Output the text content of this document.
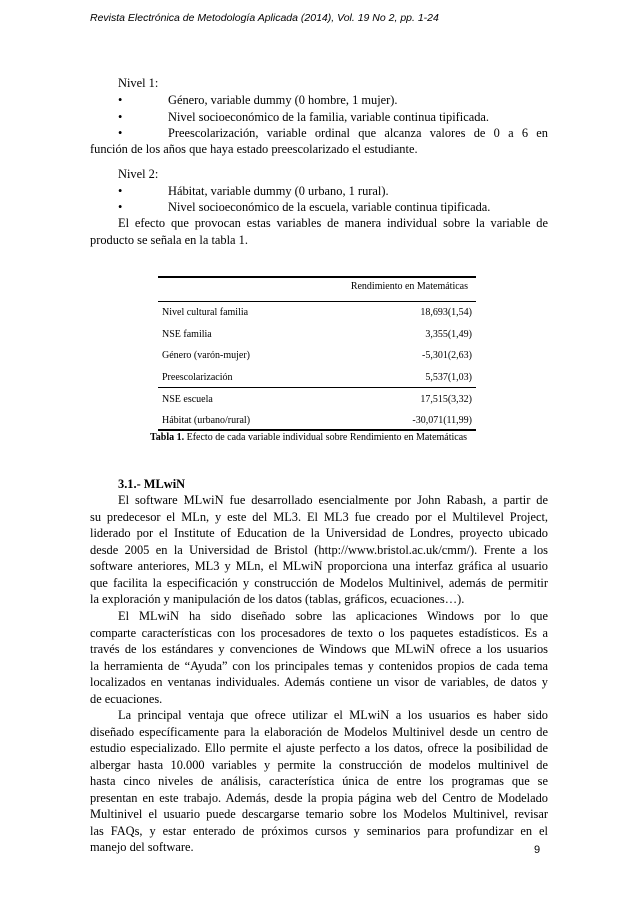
Revista Electrónica de Metodología Aplicada (2014), Vol. 19 No 2, pp. 1-24
Nivel 1:
•	Género, variable dummy (0 hombre, 1 mujer).
•	Nivel socioeconómico de la familia, variable continua tipificada.
•	Preescolarización, variable ordinal que alcanza valores de 0 a 6 en
función de los años que haya estado preescolarizado el estudiante.
Nivel 2:
•	Hábitat, variable dummy (0 urbano, 1 rural).
•	Nivel socioeconómico de la escuela, variable continua tipificada.
El efecto que provocan estas variables de manera individual sobre la variable de
producto se señala en la tabla 1.
Rendimiento en Matemáticas
Nivel cultural familia	18,693(1,54)
NSE familia	3,355(1,49)
Género (varón-mujer)	-5,301(2,63)
Preescolarización	5,537(1,03)
NSE escuela	17,515(3,32)
Hábitat (urbano/rural)	-30,071(11,99)
Tabla 1. Efecto de cada variable individual sobre Rendimiento en Matemáticas
3.1.- MLwiN
El software MLwiN fue desarrollado esencialmente por John Rabash, a partir de
su predecesor el MLn, y este del ML3. El ML3 fue creado por el Multilevel Project,
liderado por el Institute of Education de la Universidad de Londres, proyecto ubicado
desde 2005 en la Universidad de Bristol (http://www.bristol.ac.uk/cmm/). Frente a los
software anteriores, ML3 y MLn, el MLwiN proporciona una interfaz gráfica al usuario
que facilita la especificación y construcción de Modelos Multinivel, además de permitir
la exploración y manipulación de los datos (tablas, gráficos, ecuaciones…).
El MLwiN ha sido diseñado sobre las aplicaciones Windows por lo que
comparte características con los procesadores de texto o los paquetes estadísticos. Es a
través de los estándares y convenciones de Windows que MLwiN ofrece a los usuarios
la herramienta de “Ayuda” con los principales temas y contenidos propios de cada tema
localizados en ventanas individuales. Además contiene un visor de variables, de datos y
de ecuaciones.
La principal ventaja que ofrece utilizar el MLwiN a los usuarios es haber sido
diseñado específicamente para la elaboración de Modelos Multinivel desde un centro de
estudio especializado. Ello permite el ajuste perfecto a los datos, ofrece la posibilidad de
albergar hasta 10.000 variables y permite la construcción de modelos multinivel de
hasta cinco niveles de análisis, característica única de entre los programas que se
presentan en este trabajo. Además, desde la propia página web del Centro de Modelado
Multinivel el usuario puede descargarse temario sobre los Modelos Multinivel, revisar
las FAQs, y estar enterado de próximos cursos y seminarios para profundizar en el
manejo del software.	9
